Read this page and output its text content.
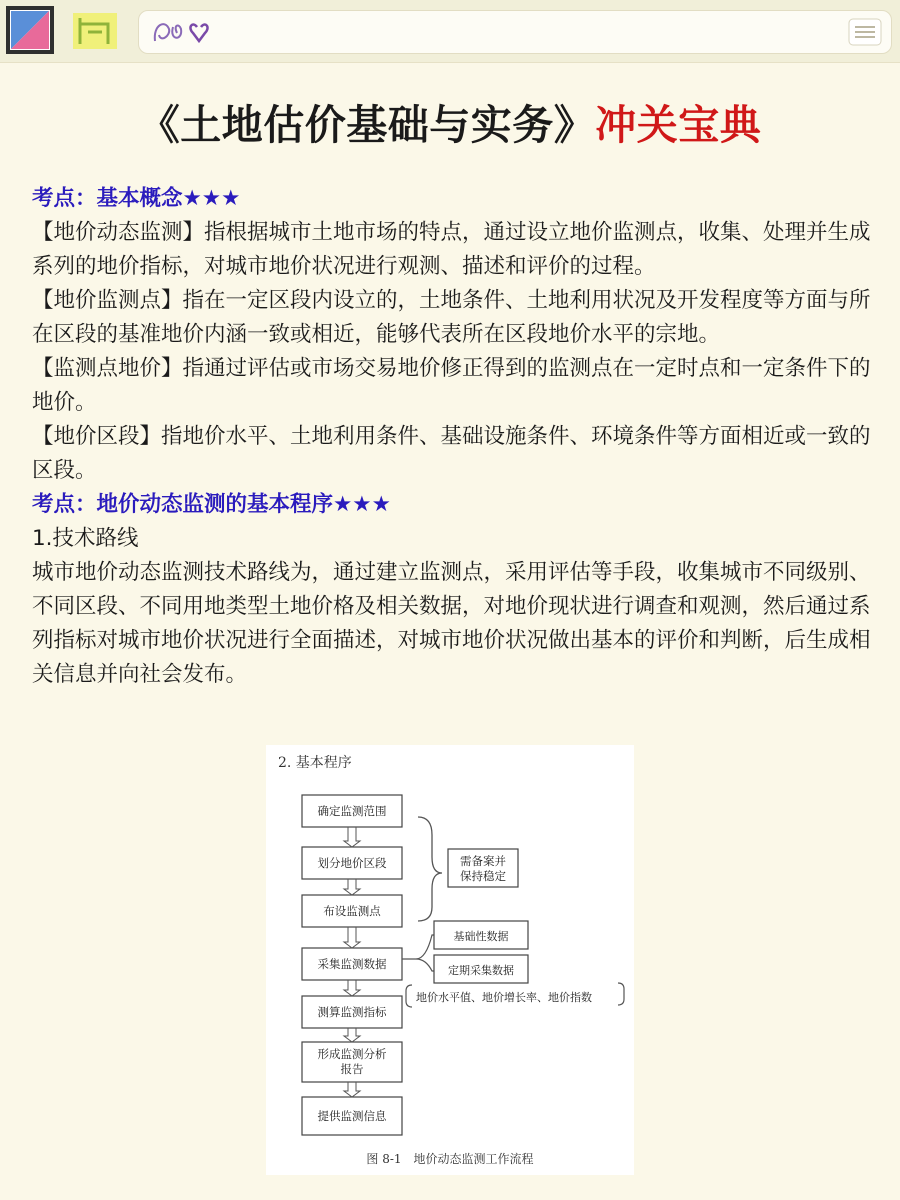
《土地估价基础与实务》冲关宝典

考点：基本概念★★★

【地价动态监测】指根据城市土地市场的特点，通过设立地价监测点，收集、处理并生成系列的地价指标，对城市地价状况进行观测、描述和评价的过程。

【地价监测点】指在一定区段内设立的，土地条件、土地利用状况及开发程度等方面与所在区段的基准地价内涵一致或相近，能够代表所在区段地价水平的宗地。

【监测点地价】指通过评估或市场交易地价修正得到的监测点在一定时点和一定条件下的地价。

【地价区段】指地价水平、土地利用条件、基础设施条件、环境条件等方面相近或一致的区段。

考点：地价动态监测的基本程序★★★

1.技术路线

城市地价动态监测技术路线为，通过建立监测点，采用评估等手段，收集城市不同级别、不同区段、不同用地类型土地价格及相关数据，对地价现状进行调查和观测，然后通过系列指标对城市地价状况进行全面描述，对城市地价状况做出基本的评价和判断，后生成相关信息并向社会发布。

2. 基本程序
确定监测范围
划分地价区段
布设监测点
采集监测数据
测算监测指标
形成监测分析
报告
提供监测信息
需备案并
保持稳定
基础性数据
定期采集数据
地价水平值、地价增长率、地价指数
图 8-1　地价动态监测工作流程
